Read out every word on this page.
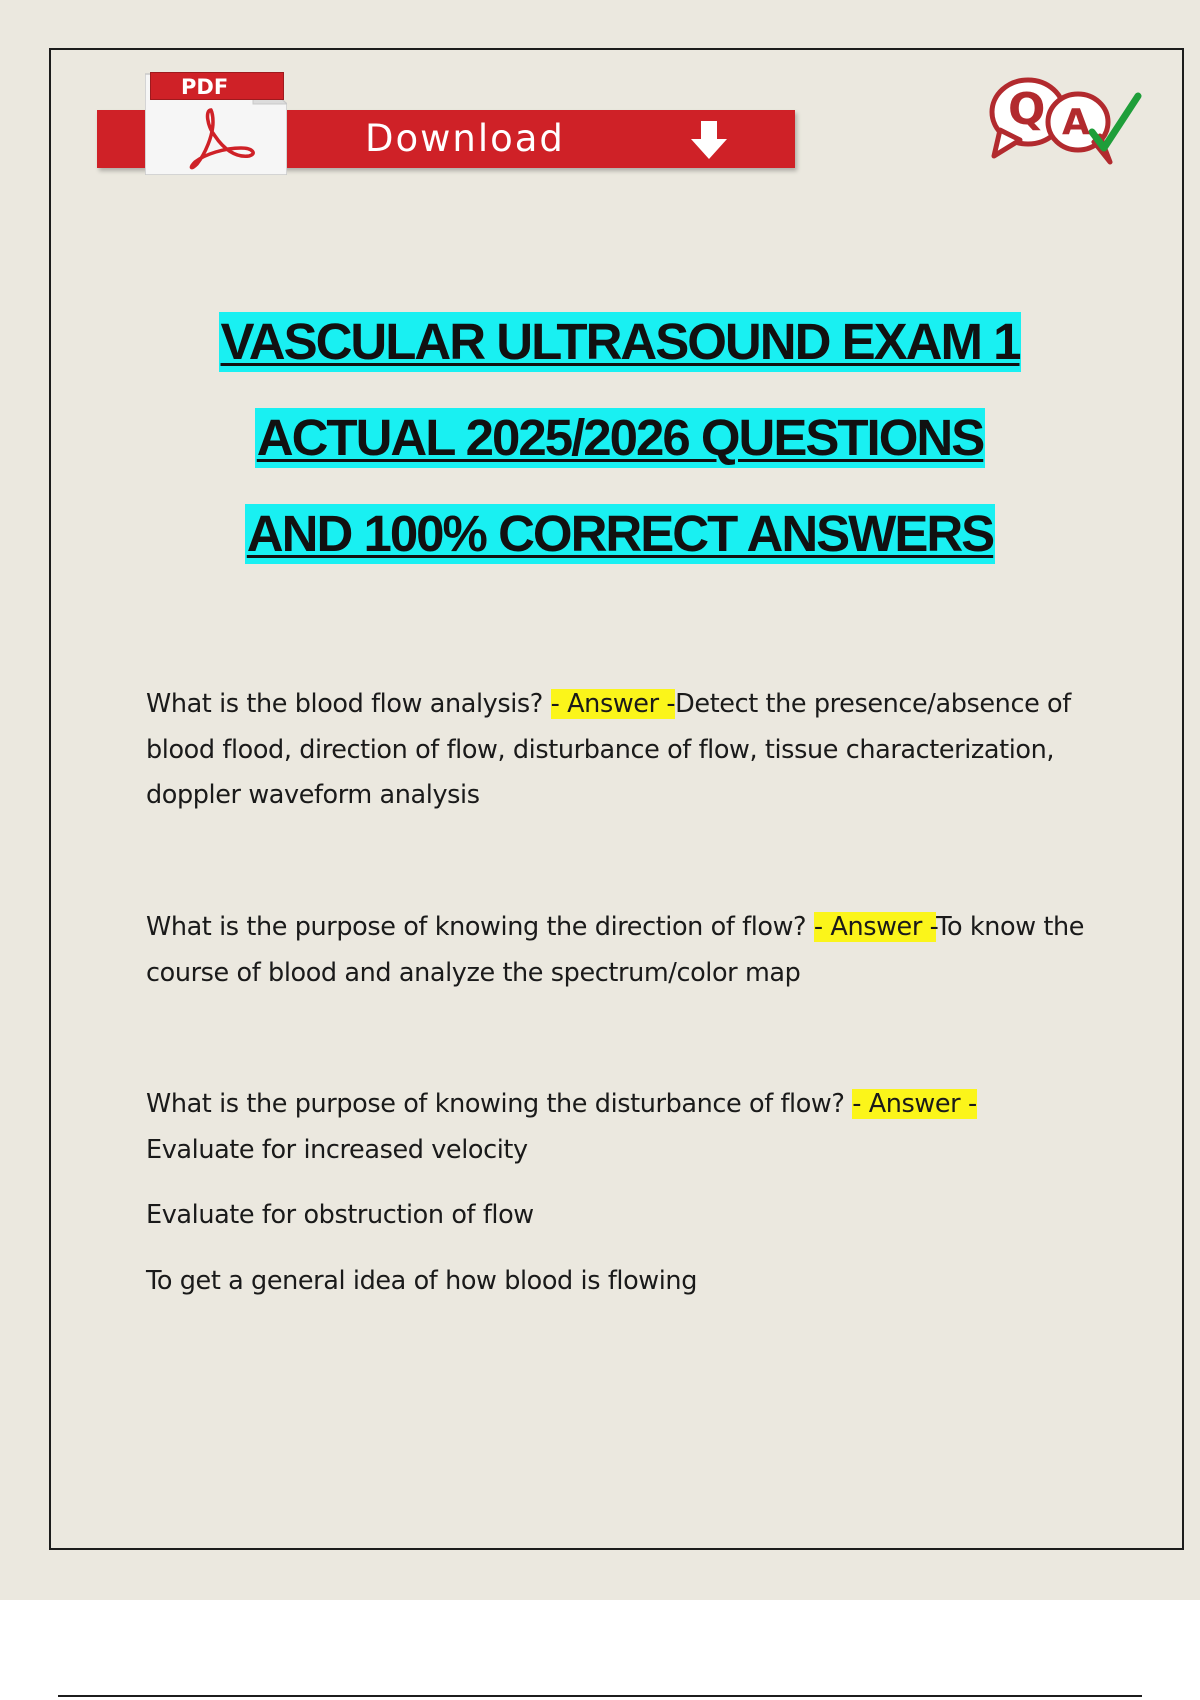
Download
PDF	Q A
VASCULAR ULTRASOUND EXAM 1
ACTUAL 2025/2026 QUESTIONS
AND 100% CORRECT ANSWERS

What is the blood flow analysis? - Answer -Detect the presence/absence of blood flood, direction of flow, disturbance of flow, tissue characterization, doppler waveform analysis

What is the purpose of knowing the direction of flow? - Answer -To know the course of blood and analyze the spectrum/color map

What is the purpose of knowing the disturbance of flow? - Answer -
Evaluate for increased velocity

Evaluate for obstruction of flow

To get a general idea of how blood is flowing
